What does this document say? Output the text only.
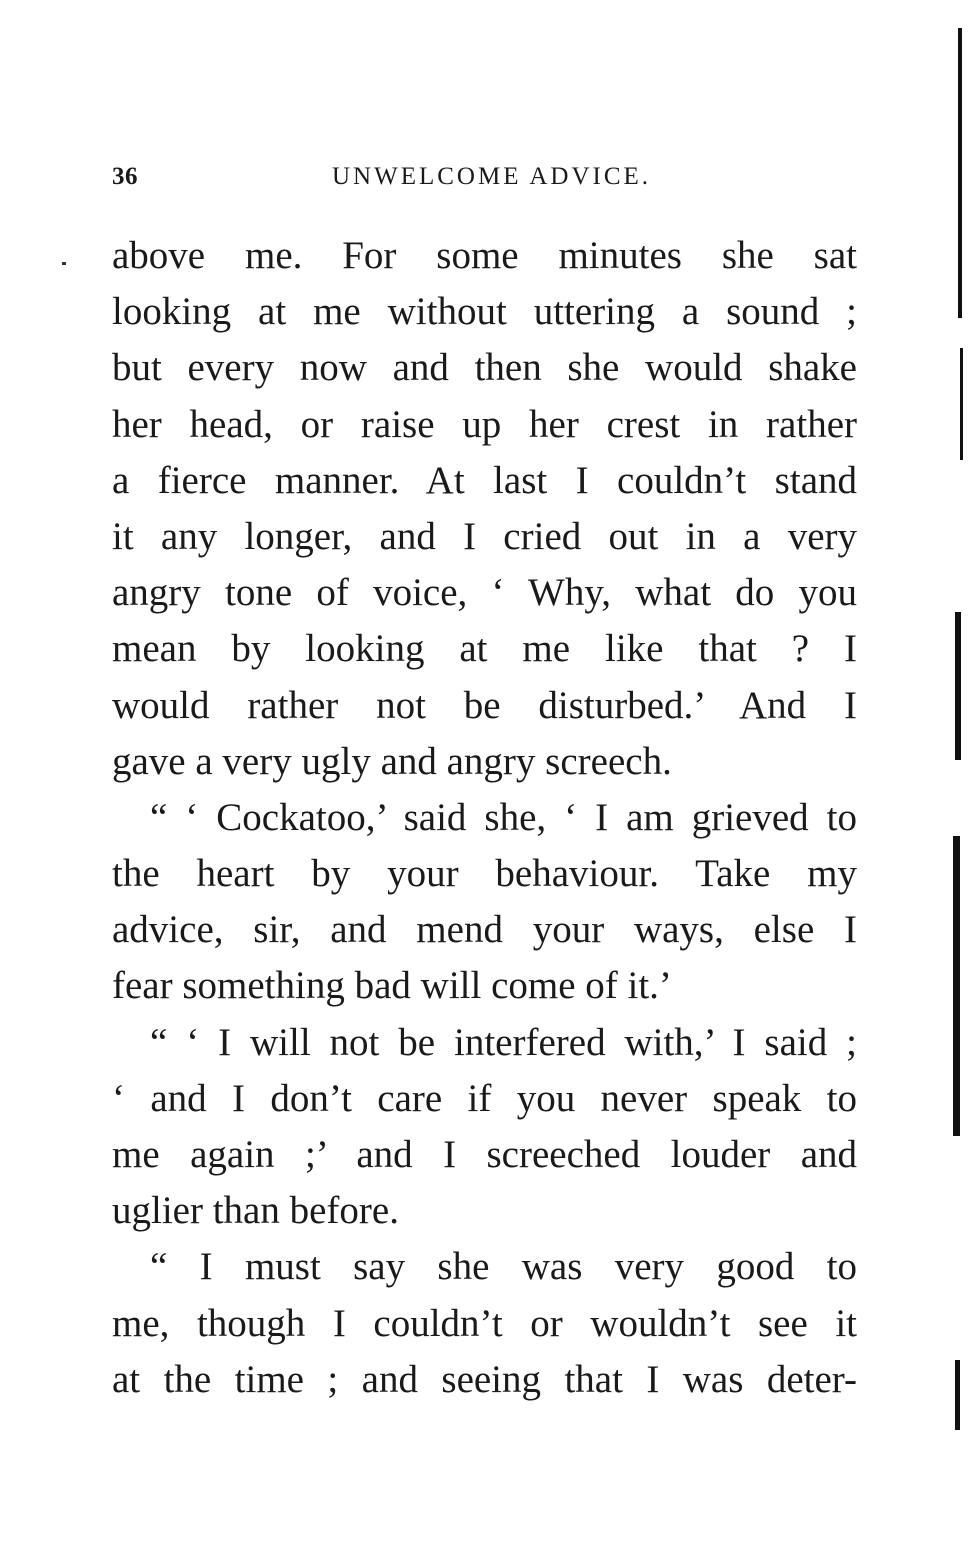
36	UNWELCOME ADVICE.
above me. For some minutes she sat
looking at me without uttering a sound ;
but every now and then she would shake
her head, or raise up her crest in rather
a fierce manner. At last I couldn’t stand
it any longer, and I cried out in a very
angry tone of voice, ‘ Why, what do you
mean by looking at me like that ? I
would rather not be disturbed.’ And I
gave a very ugly and angry screech.
“ ‘ Cockatoo,’ said she, ‘ I am grieved to
the heart by your behaviour. Take my
advice, sir, and mend your ways, else I
fear something bad will come of it.’
“ ‘ I will not be interfered with,’ I said ;
‘ and I don’t care if you never speak to
me again ;’ and I screeched louder and
uglier than before.
“ I must say she was very good to
me, though I couldn’t or wouldn’t see it
at the time ; and seeing that I was deter-
